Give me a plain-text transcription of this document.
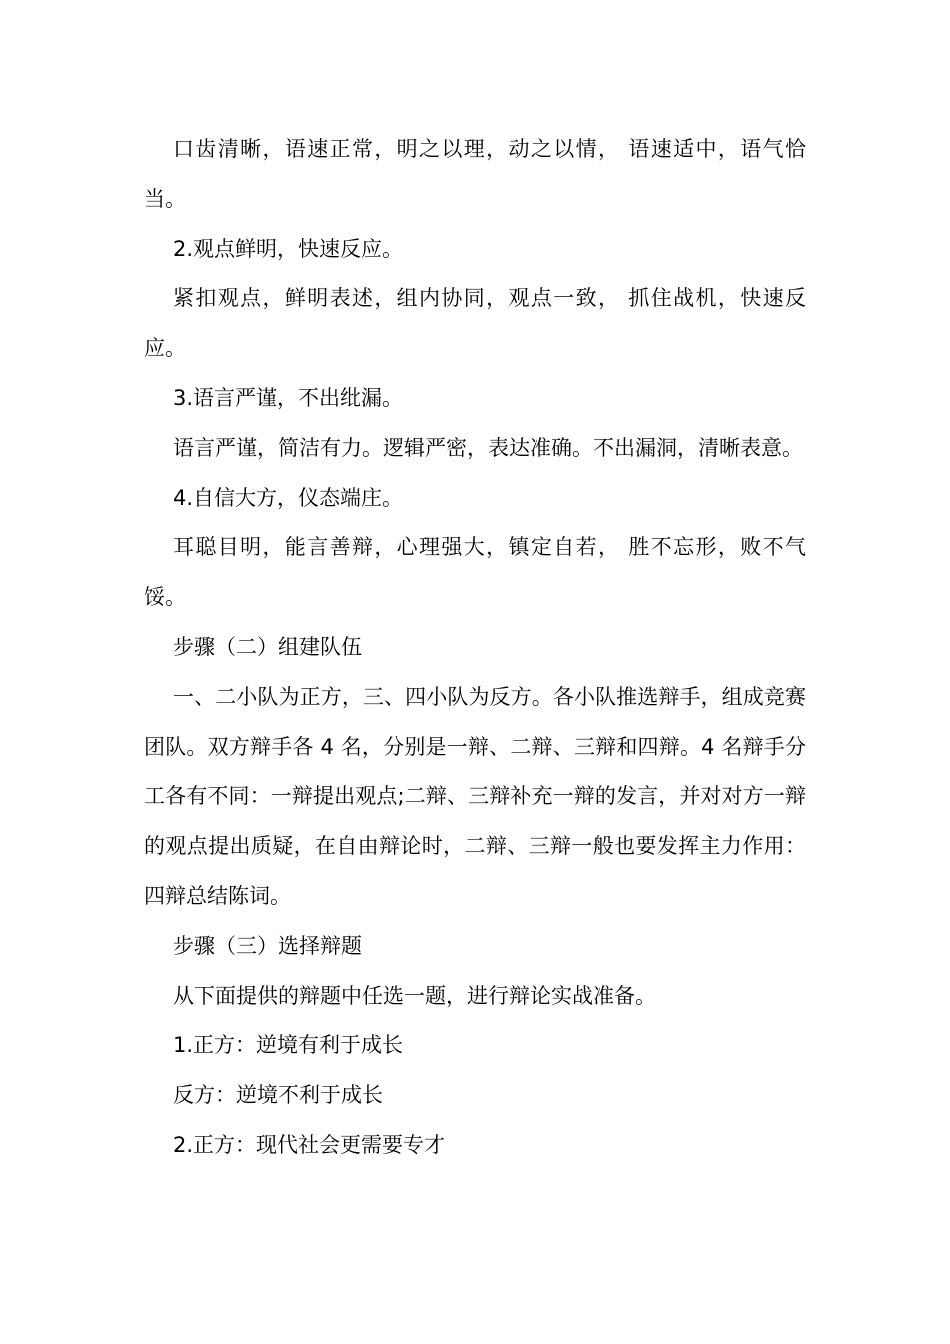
口齿清晰，语速正常，明之以理，动之以情， 语速适中，语气恰当。

2.观点鲜明，快速反应。

紧扣观点，鲜明表述，组内协同，观点一致， 抓住战机，快速反应。

3.语言严谨，不出纰漏。

语言严谨，简洁有力。逻辑严密，表达准确。不出漏洞，清晰表意。

4.自信大方，仪态端庄。

耳聪目明，能言善辩，心理强大，镇定自若， 胜不忘形，败不气馁。

步骤（二）组建队伍

一、二小队为正方，三、四小队为反方。各小队推选辩手，组成竞赛团队。双方辩手各 4 名，分别是一辩、二辩、三辩和四辩。4 名辩手分工各有不同：一辩提出观点;二辩、三辩补充一辩的发言，并对对方一辩的观点提出质疑，在自由辩论时，二辩、三辩一般也要发挥主力作用：四辩总结陈词。

步骤（三）选择辩题

从下面提供的辩题中任选一题，进行辩论实战准备。

1.正方：逆境有利于成长

反方：逆境不利于成长

2.正方：现代社会更需要专才
